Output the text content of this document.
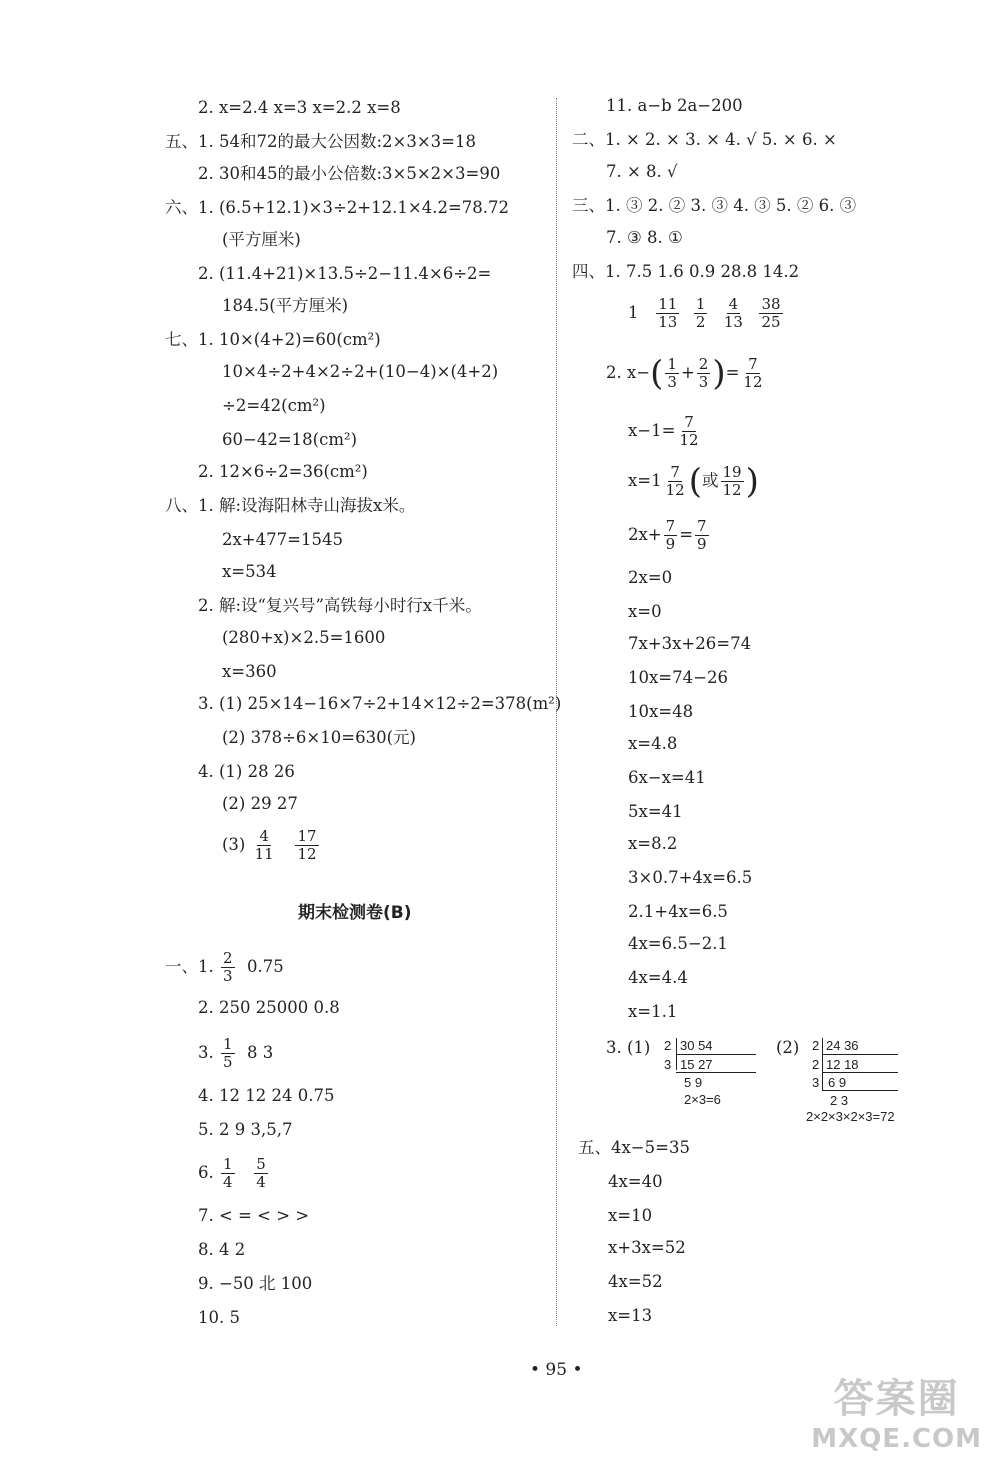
2. x=2.4 x=3 x=2.2 x=8
五、1. 54和72的最大公因数:2×3×3=18
2. 30和45的最小公倍数:3×5×2×3=90
六、1. (6.5+12.1)×3÷2+12.1×4.2=78.72
(平方厘米)
2. (11.4+21)×13.5÷2−11.4×6÷2=
184.5(平方厘米)
七、1. 10×(4+2)=60(cm²)
10×4÷2+4×2÷2+(10−4)×(4+2)
÷2=42(cm²)
60−42=18(cm²)
2. 12×6÷2=36(cm²)
八、1. 解:设海阳林寺山海拔x米。
2x+477=1545
x=534
2. 解:设“复兴号”高铁每小时行x千米。
(280+x)×2.5=1600
x=360
3. (1) 25×14−16×7÷2+14×12÷2=378(m²)
(2) 378÷6×10=630(元)
4. (1) 28 26
(2) 29 27
$(3) \frac{4}{11}$
$\frac{17}{12}$
期末检测卷(B)
一、1. $\frac{2}{3} 0.75$
2. 250 25000 0.8
3. $\frac{1}{5} 8$ 3
4. 12 12 24 0.75
5. 2 9 3,5,7
6. $\frac{1}{4}$
$\frac{5}{4}$
7. < = < > >
8. 4 2
9. −50 北 100
10. 5
11. a−b 2a−200
二、1. × 2. × 3. × 4. √ 5. × 6. ×
7. × 8. √
三、1. ③ 2. ② 3. ③ 4. ③ 5. ② 6. ③
7. ③ 8. ①
四、1. 7.5 1.6 0.9 28.8 14.2
$1 \frac{11}{13}$
$\frac{1}{2}$
$\frac{4}{13}$
$\frac{38}{25}$
2. $x-( \frac{1}{3} + \frac{2}{3}$ )= $\frac{7}{12}$
$x-1= \frac{7}{12}$
$x=1 \frac{7}{12}$ (或 $\frac{19}{12}$ )
$2x+ \frac{7}{9} = \frac{7}{9}$
2x=0
x=0
7x+3x+26=74
10x=74−26
10x=48
x=4.8
6x−x=41
5x=41
x=8.2
3×0.7+4x=6.5
2.1+4x=6.5
4x=6.5−2.1
4x=4.4
x=1.1
3. (1) 2 30 54
3 15 27
5 9
2×3=6
(2) 2 24 36
2 12 18
3 6 9
2 3
2×2×3×2×3=72
五、4x−5=35
4x=40
x=10
x+3x=52
4x=52
x=13
• 95 •
答案圈
MXQE.COM
